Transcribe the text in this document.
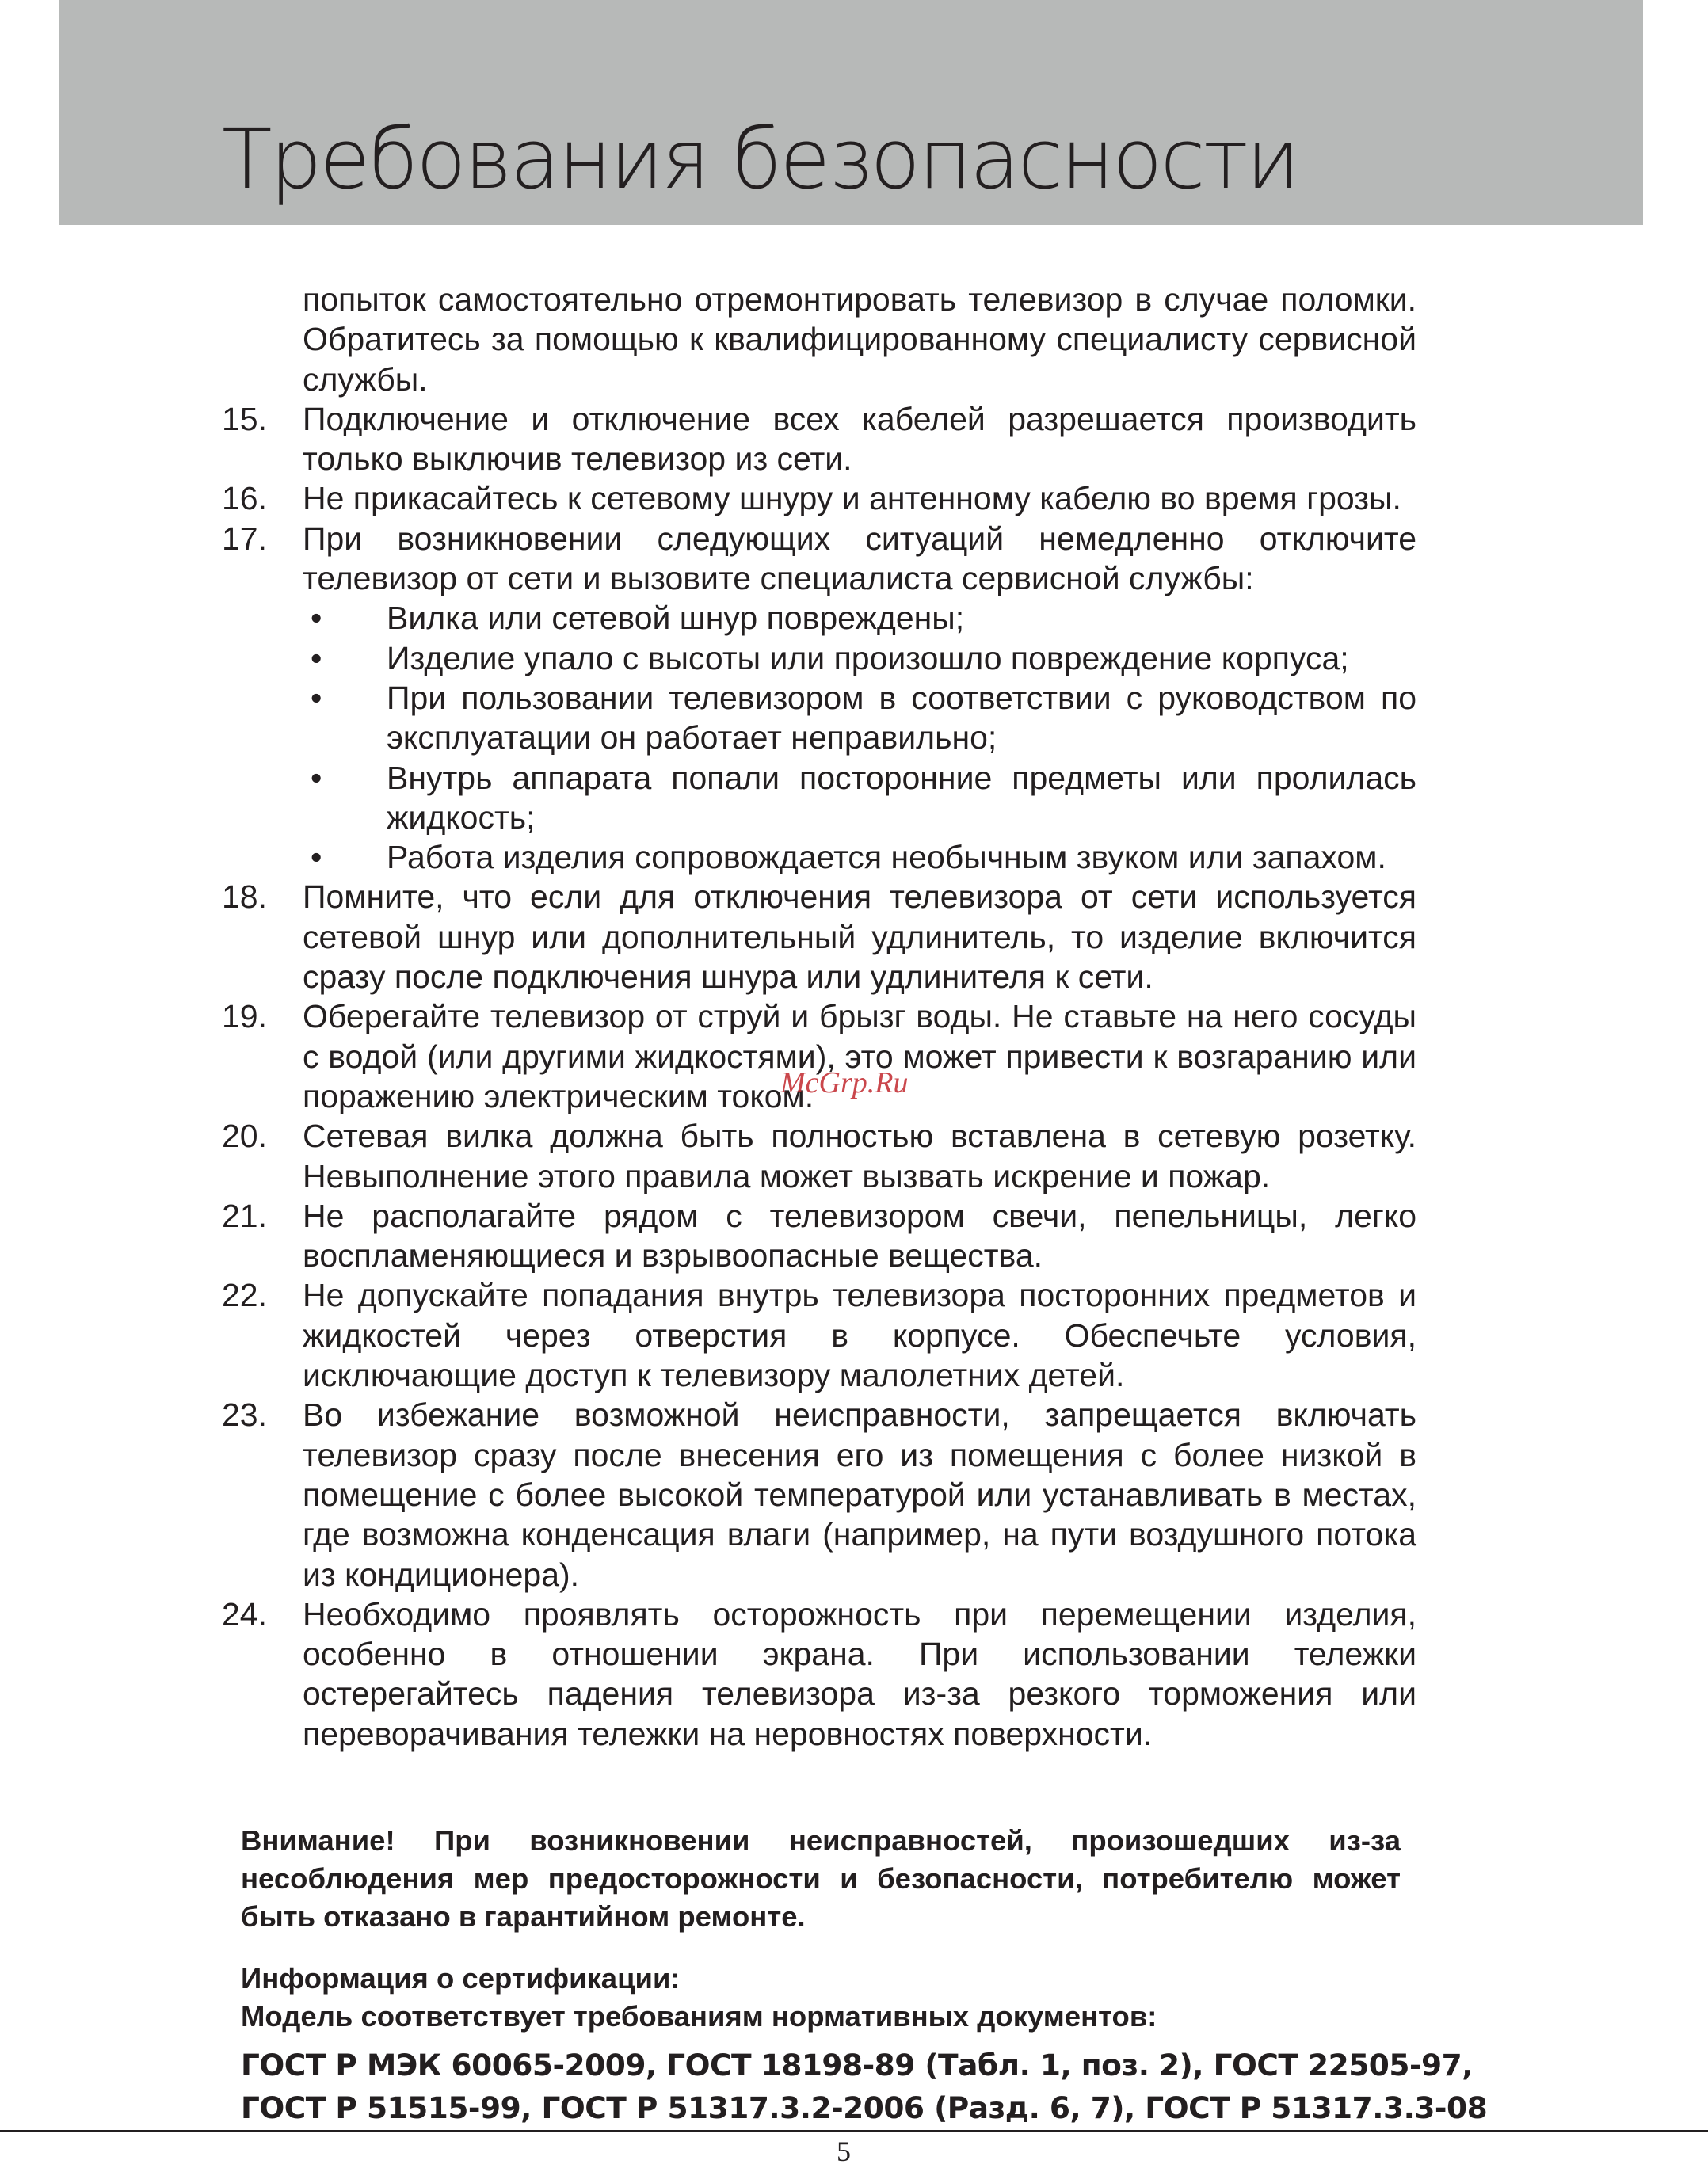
Требования безопасности
попыток самостоятельно отремонтировать телевизор в случае поломки. Обратитесь за помощью к квалифицированному специалисту сервисной службы.
15.	Подключение и отключение всех кабелей разрешается производить только выключив телевизор из сети.
16.	Не прикасайтесь к сетевому шнуру и антенному кабелю во время грозы.
17.	При возникновении следующих ситуаций немедленно отключите телевизор от сети и вызовите специалиста сервисной службы:
• Вилка или сетевой шнур повреждены;
• Изделие упало с высоты или произошло повреждение корпуса;
• При пользовании телевизором в соответствии с руководством по эксплуатации он работает неправильно;
• Внутрь аппарата попали посторонние предметы или пролилась жидкость;
• Работа изделия сопровождается необычным звуком или запахом.
18.	Помните, что если для отключения телевизора от сети используется сетевой шнур или дополнительный удлинитель, то изделие включится сразу после подключения шнура или удлинителя к сети.
19.	Оберегайте телевизор от струй и брызг воды. Не ставьте на него сосуды с водой (или другими жидкостями), это может привести к возгаранию или поражению электрическим током.
20.	Сетевая вилка должна быть полностью вставлена в сетевую розетку. Невыполнение этого правила может вызвать искрение и пожар.
21.	Не располагайте рядом с телевизором свечи, пепельницы, легко воспламеняющиеся и взрывоопасные вещества.
22.	Не допускайте попадания внутрь телевизора посторонних предметов и жидкостей через отверстия в корпусе. Обеспечьте условия, исключающие доступ к телевизору малолетних детей.
23.	Во избежание возможной неисправности, запрещается включать телевизор сразу после внесения его из помещения с более низкой в помещение с более высокой температурой или устанавливать в местах, где возможна конденсация влаги (например, на пути воздушного потока из кондиционера).
24.	Необходимо проявлять осторожность при перемещении изделия, особенно в отношении экрана. При использовании тележки остерегайтесь падения телевизора из-за резкого торможения или переворачивания тележки на неровностях поверхности.
Внимание! При возникновении неисправностей, произошедших из-за несоблюдения мер предосторожности и безопасности, потребителю может быть отказано в гарантийном ремонте.
Информация о сертификации:
Модель соответствует требованиям нормативных документов:
ГОСТ Р МЭК 60065-2009, ГОСТ 18198-89 (Табл. 1, поз. 2), ГОСТ 22505-97,
ГОСТ Р 51515-99, ГОСТ Р 51317.3.2-2006 (Разд. 6, 7), ГОСТ Р 51317.3.3-08
McGrp.Ru
5
